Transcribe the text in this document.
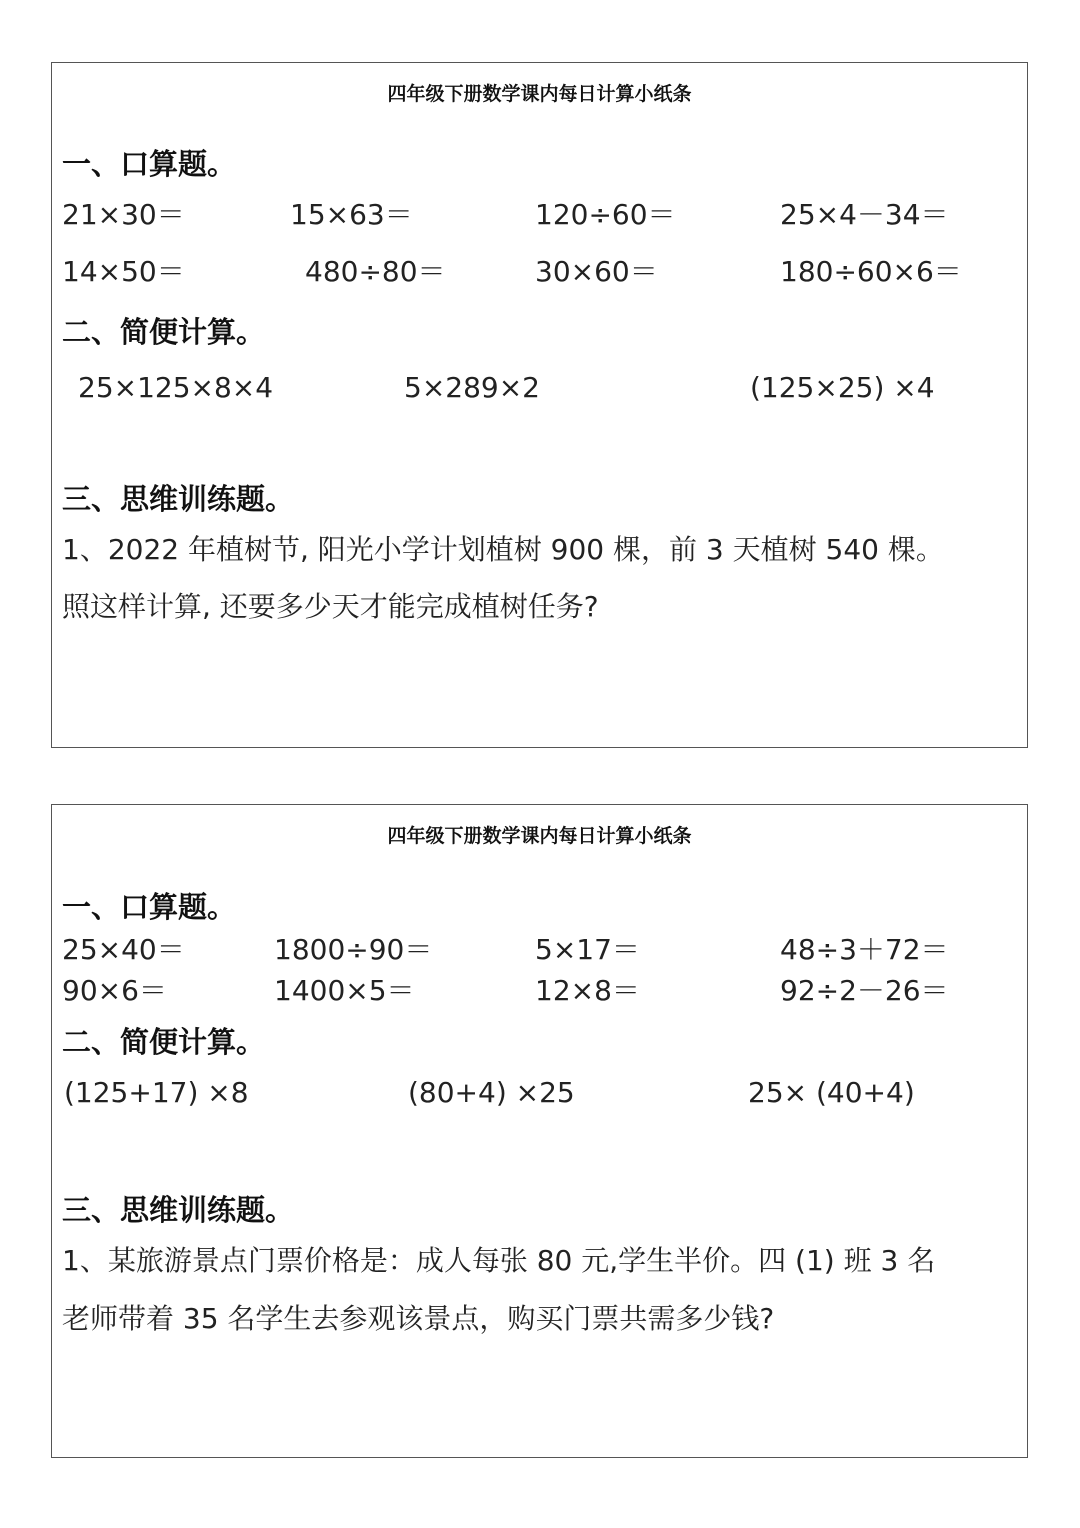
四年级下册数学课内每日计算小纸条
一、口算题。
21×30＝	15×63＝	120÷60＝	25×4－34＝
14×50＝	480÷80＝	30×60＝	180÷60×6＝
二、简便计算。
25×125×8×4	5×289×2	(125×25) ×4
三、思维训练题。
1、2022 年植树节, 阳光小学计划植树 900 棵，前 3 天植树 540 棵。
照这样计算, 还要多少天才能完成植树任务?
四年级下册数学课内每日计算小纸条
一、口算题。
25×40＝	1800÷90＝	5×17＝	48÷3＋72＝
90×6＝	1400×5＝	12×8＝	92÷2－26＝
二、简便计算。
(125+17) ×8	(80+4) ×25	25× (40+4)
三、思维训练题。
1、某旅游景点门票价格是：成人每张 80 元,学生半价。四 (1) 班 3 名
老师带着 35 名学生去参观该景点，购买门票共需多少钱?
